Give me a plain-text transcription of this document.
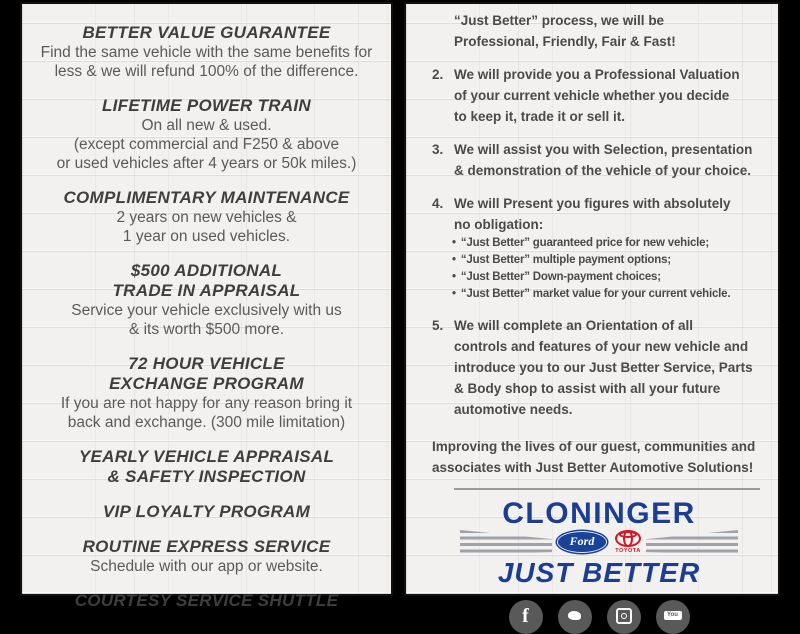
BETTER VALUE GUARANTEE
Find the same vehicle with the same benefits for
less & we will refund 100% of the difference.
LIFETIME POWER TRAIN
On all new & used.
(except commercial and F250 & above
or used vehicles after 4 years or 50k miles.)
COMPLIMENTARY MAINTENANCE
2 years on new vehicles &
1 year on used vehicles.
$500 ADDITIONAL
TRADE IN APPRAISAL
Service your vehicle exclusively with us
& its worth $500 more.
72 HOUR VEHICLE
EXCHANGE PROGRAM
If you are not happy for any reason bring it
back and exchange. (300 mile limitation)
YEARLY VEHICLE APPRAISAL
& SAFETY INSPECTION
VIP LOYALTY PROGRAM
ROUTINE EXPRESS SERVICE
Schedule with our app or website.
COURTESY SERVICE SHUTTLE
“Just Better” process, we will be
Professional, Friendly, Fair & Fast!
2. We will provide you a Professional Valuation
of your current vehicle whether you decide
to keep it, trade it or sell it.
3. We will assist you with Selection, presentation
& demonstration of the vehicle of your choice.
4. We will Present you figures with absolutely
no obligation:
• “Just Better” guaranteed price for new vehicle;
• “Just Better” multiple payment options;
• “Just Better” Down-payment choices;
• “Just Better” market value for your current vehicle.
5. We will complete an Orientation of all
controls and features of your new vehicle and
introduce you to our Just Better Service, Parts
& Body shop to assist with all your future
automotive needs.
Improving the lives of our guest, communities and
associates with Just Better Automotive Solutions!
CLONINGER
Ford
TOYOTA
JUST BETTER
f	You
